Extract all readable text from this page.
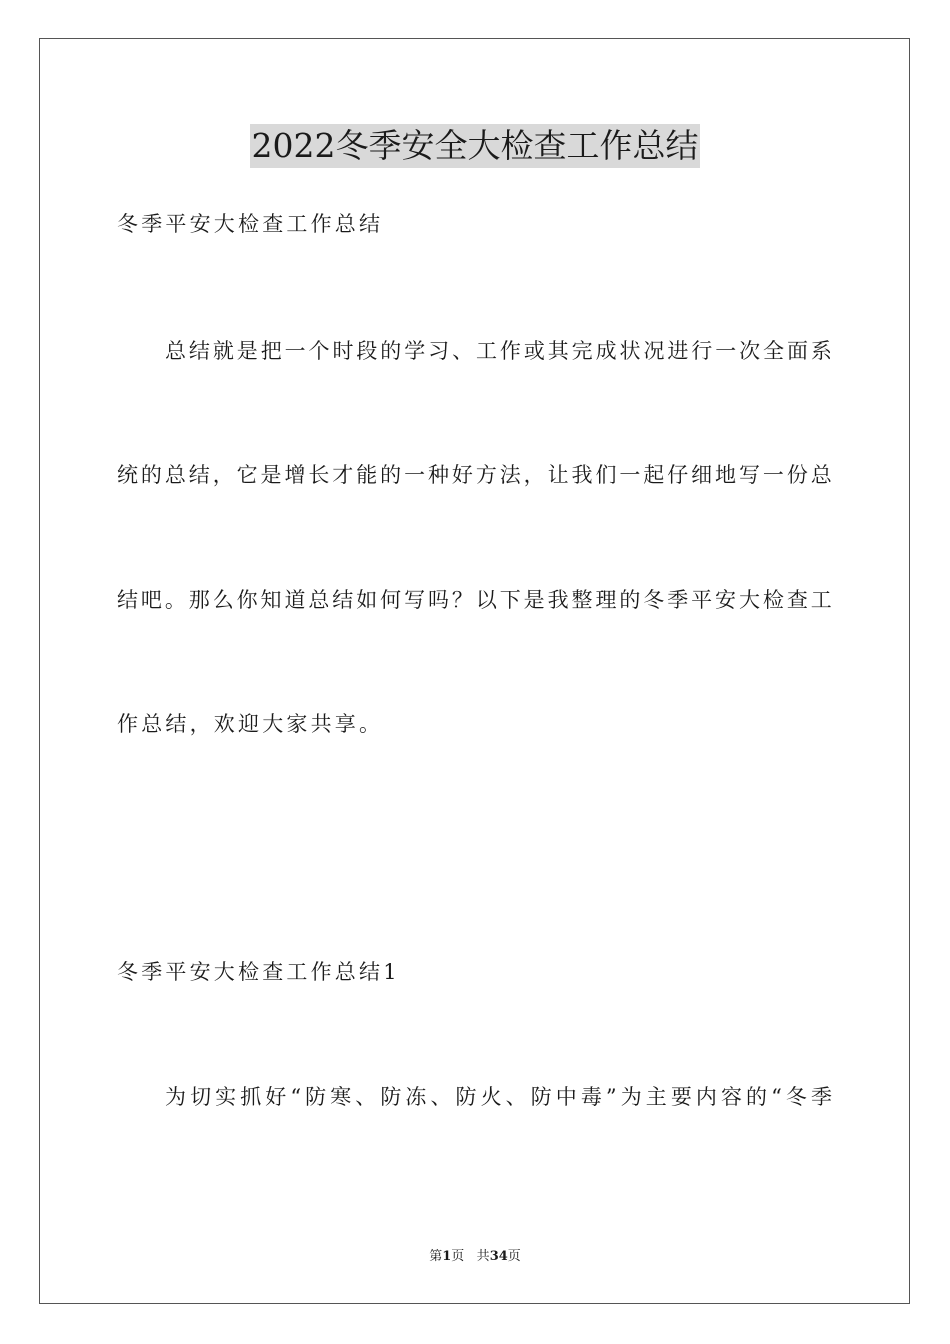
2022冬季安全大检查工作总结

冬季平安大检查工作总结

总 结 就 是 把 一 个 时 段 的 学 习 、 工 作 或 其 完 成 状 况 进 行 一 次 全 面 系

统 的 总 结 ， 它 是 增 长 才 能 的 一 种 好 方 法 ， 让 我 们 一 起 仔 细 地 写 一 份 总

结 吧 。 那 么 你 知 道 总 结 如 何 写 吗 ？ 以 下 是 我 整 理 的 冬 季 平 安 大 检 查 工

作总结，欢迎大家共享。

冬季平安大检查工作总结1

为 切 实 抓 好 “ 防 寒 、 防 冻 、 防 火 、 防 中 毒 ” 为 主 要 内 容 的 “ 冬 季

第1页 共34页
